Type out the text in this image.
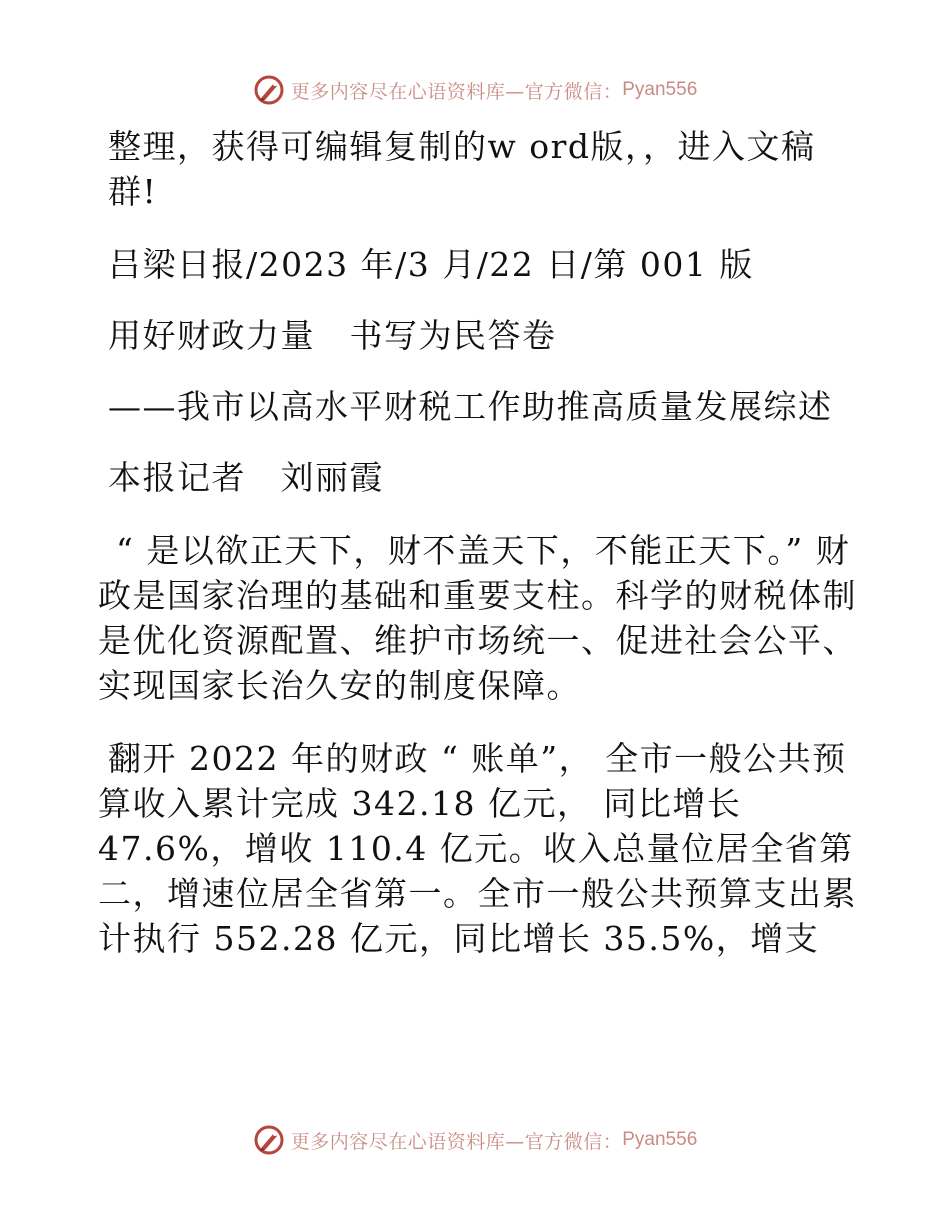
更多内容尽在心语资料库—官方微信： Pyan556

整理，获得可编辑复制的w ord版，，进入文稿群!

吕梁日报/2023 年/3 月/22 日/第 001 版

用好财政力量　书写为民答卷

——我市以高水平财税工作助推高质量发展综述

本报记者　刘丽霞

“ 是以欲正天下，财不盖天下，不能正天下。” 财政是国家治理的基础和重要支柱。科学的财税体制是优化资源配置、维护市场统一、促进社会公平、实现国家长治久安的制度保障。

翻开 2022 年的财政 “ 账单”， 全市一般公共预算收入累计完成 342.18 亿元， 同比增长 47.6%，增收 110.4 亿元。收入总量位居全省第二，增速位居全省第一。全市一般公共预算支出累计执行 552.28 亿元，同比增长 35.5%，增支

更多内容尽在心语资料库—官方微信： Pyan556
